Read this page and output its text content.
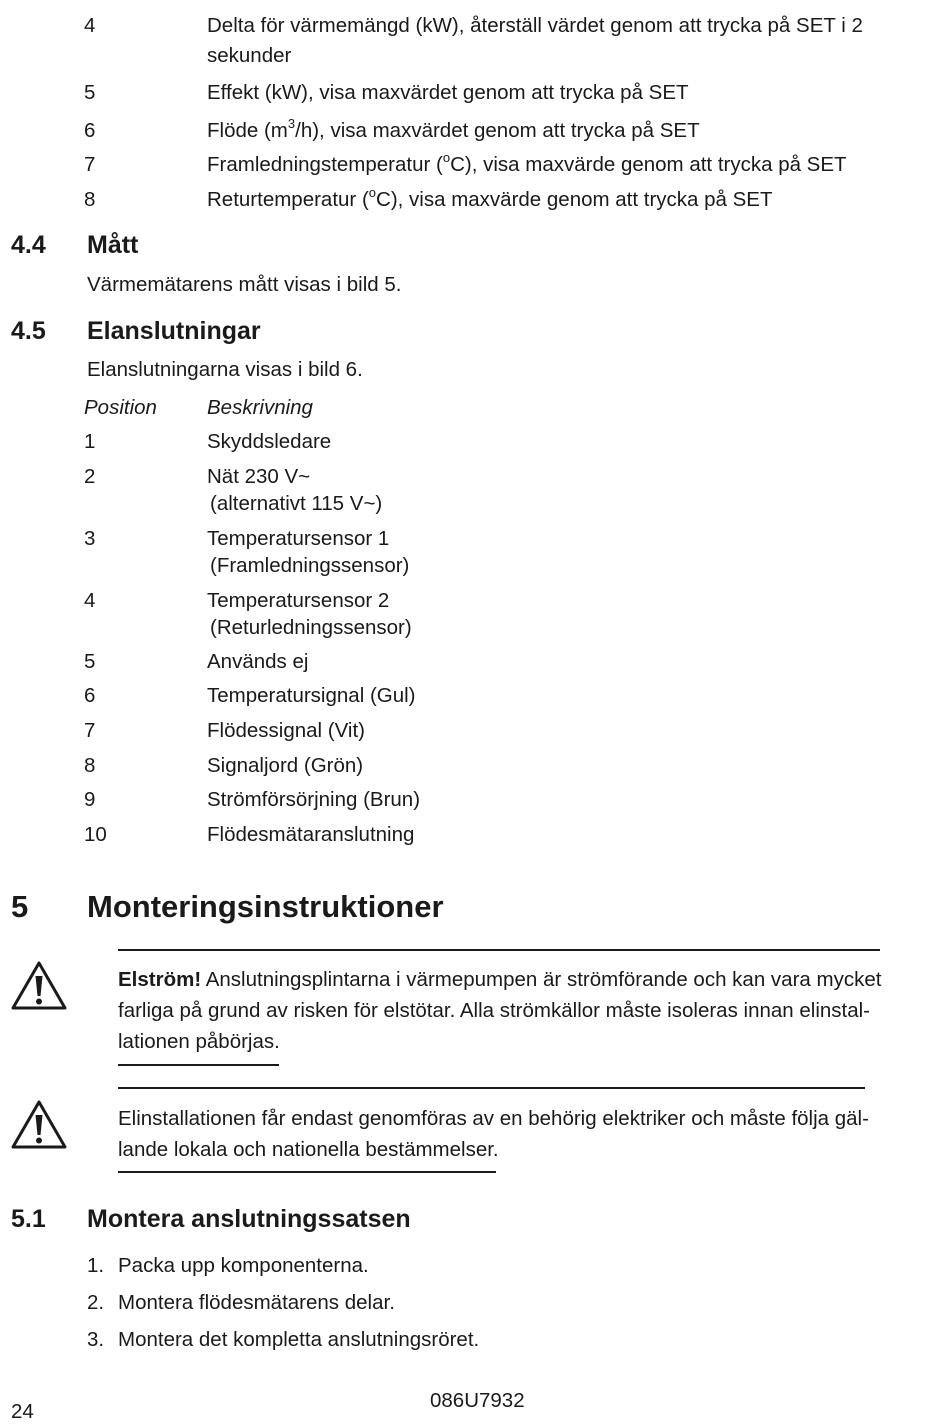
4	Delta för värmemängd (kW), återställ värdet genom att trycka på SET i 2
sekunder
5	Effekt (kW), visa maxvärdet genom att trycka på SET
6	Flöde $(m^3/h)$, visa maxvärdet genom att trycka på SET
7	Framledningstemperatur ($^o$C), visa maxvärde genom att trycka på SET
8	Returtemperatur ($^o$C), visa maxvärde genom att trycka på SET
4.4 Mått
Värmemätarens mått visas i bild 5.
4.5 Elanslutningar
Elanslutningarna visas i bild 6.
Position Beskrivning
1	Skyddsledare
2	Nät 230 V~
(alternativt 115 V~)
3	Temperatursensor 1
(Framledningssensor)
4	Temperatursensor 2
(Returledningssensor)
5	Används ej
6	Temperatursignal (Gul)
7	Flödessignal (Vit)
8	Signaljord (Grön)
9	Strömförsörjning (Brun)
10	Flödesmätaranslutning
5 Monteringsinstruktioner
Elström! Anslutningsplintarna i värmepumpen är strömförande och kan vara mycket
farliga på grund av risken för elstötar. Alla strömkällor måste isoleras innan elinstal-
lationen påbörjas.
Elinstallationen får endast genomföras av en behörig elektriker och måste följa gäl-
lande lokala och nationella bestämmelser.
5.1 Montera anslutningssatsen
1. Packa upp komponenterna.
2. Montera flödesmätarens delar.
3. Montera det kompletta anslutningsröret.
24	086U7932
